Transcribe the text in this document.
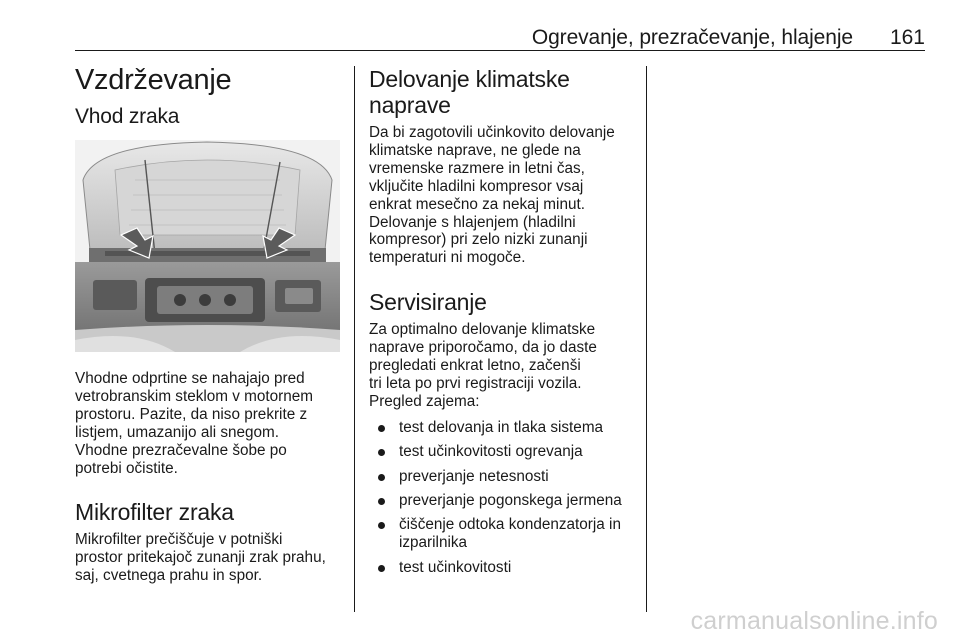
Ogrevanje, prezračevanje, hlajenje 161
Vzdrževanje
Vhod zraka

Vhodne odprtine se nahajajo pred
vetrobranskim steklom v motornem
prostoru. Pazite, da niso prekrite z
listjem, umazanijo ali snegom.
Vhodne prezračevalne šobe po
potrebi očistite.

Mikrofilter zraka

Mikrofilter prečiščuje v potniški
prostor pritekajoč zunanji zrak prahu,
saj, cvetnega prahu in spor.

Delovanje klimatske
naprave

Da bi zagotovili učinkovito delovanje
klimatske naprave, ne glede na
vremenske razmere in letni čas,
vključite hladilni kompresor vsaj
enkrat mesečno za nekaj minut.
Delovanje s hlajenjem (hladilni
kompresor) pri zelo nizki zunanji
temperaturi ni mogoče.

Servisiranje

Za optimalno delovanje klimatske
naprave priporočamo, da jo daste
pregledati enkrat letno, začenši
tri leta po prvi registraciji vozila.
Pregled zajema:

test delovanja in tlaka sistema
test učinkovitosti ogrevanja
preverjanje netesnosti
preverjanje pogonskega jermena
čiščenje odtoka kondenzatorja in
izparilnika
test učinkovitosti
carmanualsonline.info
